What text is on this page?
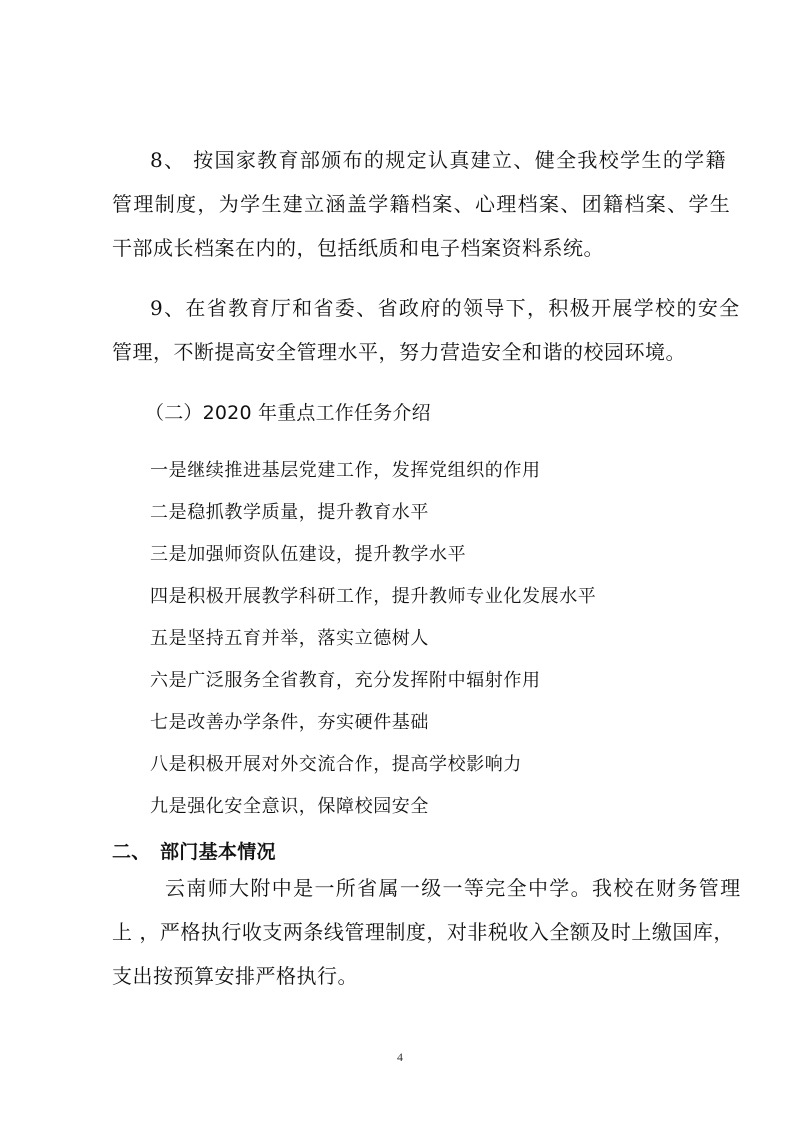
8、 按国家教育部颁布的规定认真建立、健全我校学生的学籍
管理制度，为学生建立涵盖学籍档案、心理档案、团籍档案、学生
干部成长档案在内的，包括纸质和电子档案资料系统。
9、在省教育厅和省委、省政府的领导下，积极开展学校的安全
管理，不断提高安全管理水平，努力营造安全和谐的校园环境。
（二）2020 年重点工作任务介绍
一是继续推进基层党建工作，发挥党组织的作用
二是稳抓教学质量，提升教育水平
三是加强师资队伍建设，提升教学水平
四是积极开展教学科研工作，提升教师专业化发展水平
五是坚持五育并举，落实立德树人
六是广泛服务全省教育，充分发挥附中辐射作用
七是改善办学条件，夯实硬件基础
八是积极开展对外交流合作，提高学校影响力
九是强化安全意识，保障校园安全
二、 部门基本情况
云南师大附中是一所省属一级一等完全中学。我校在财务管理
上 ，严格执行收支两条线管理制度，对非税收入全额及时上缴国库，
支出按预算安排严格执行。
4
